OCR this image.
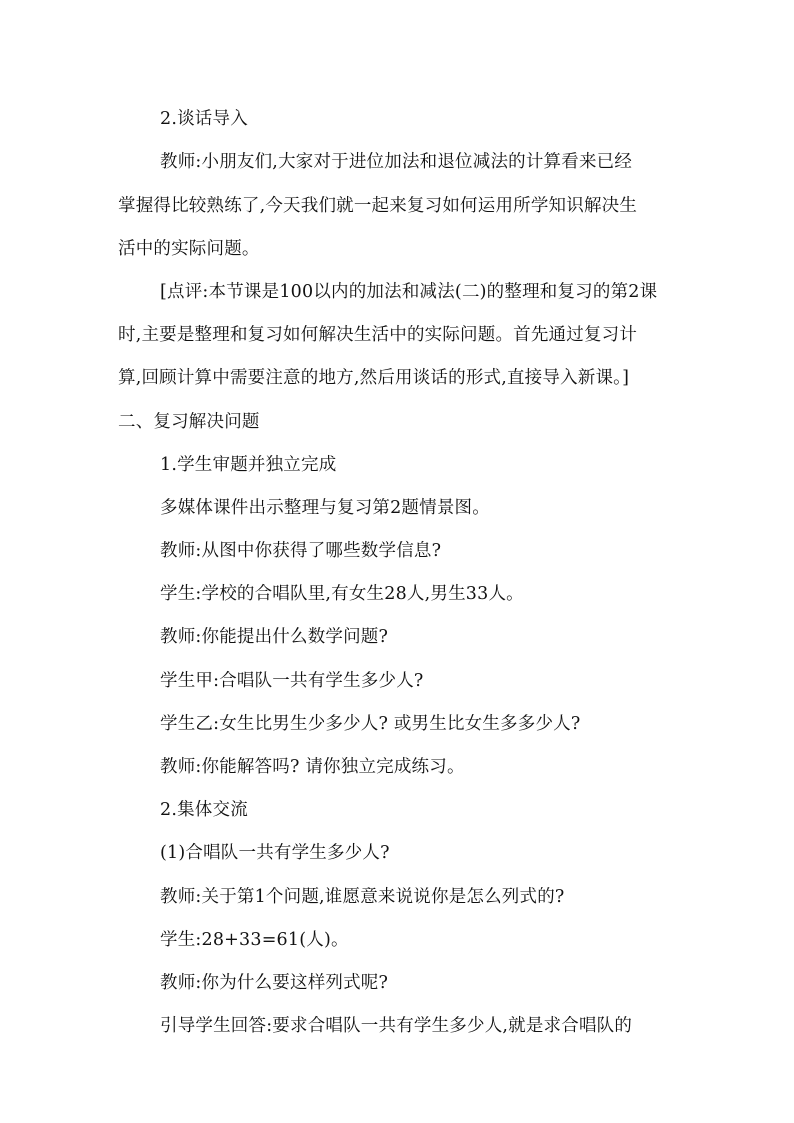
2.谈话导入
教师:小朋友们,大家对于进位加法和退位减法的计算看来已经
掌握得比较熟练了,今天我们就一起来复习如何运用所学知识解决生
活中的实际问题。
[点评:本节课是100以内的加法和减法(二)的整理和复习的第2课
时,主要是整理和复习如何解决生活中的实际问题。首先通过复习计
算,回顾计算中需要注意的地方,然后用谈话的形式,直接导入新课。]
二、复习解决问题
1.学生审题并独立完成
多媒体课件出示整理与复习第2题情景图。
教师:从图中你获得了哪些数学信息?
学生:学校的合唱队里,有女生28人,男生33人。
教师:你能提出什么数学问题?
学生甲:合唱队一共有学生多少人?
学生乙:女生比男生少多少人? 或男生比女生多多少人?
教师:你能解答吗? 请你独立完成练习。
2.集体交流
(1)合唱队一共有学生多少人?
教师:关于第1个问题,谁愿意来说说你是怎么列式的?
学生:28+33=61(人)。
教师:你为什么要这样列式呢?
引导学生回答:要求合唱队一共有学生多少人,就是求合唱队的
